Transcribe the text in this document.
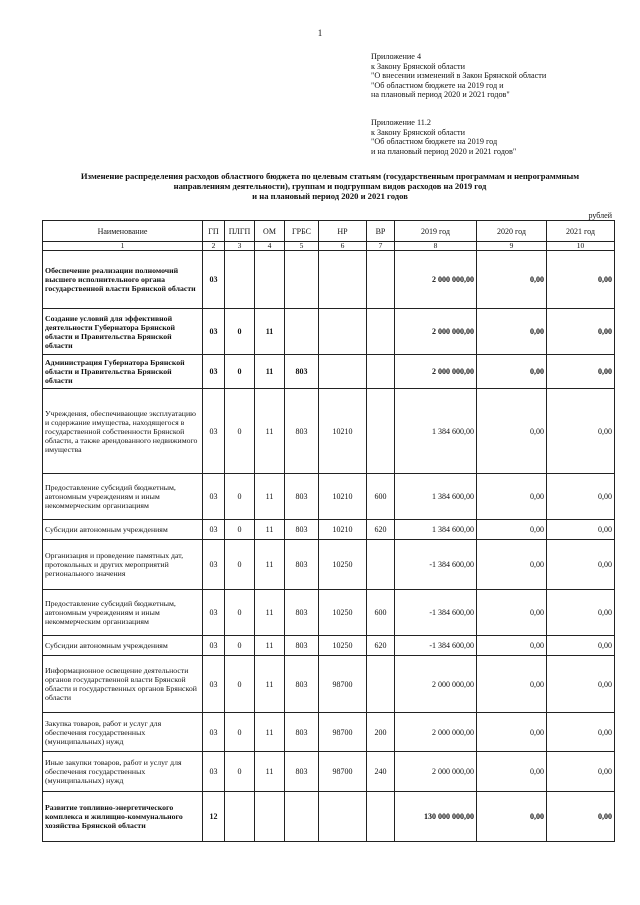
1
Приложение 4
к Закону Брянской области
"О внесении изменений в Закон Брянской области
"Об областном бюджете на 2019 год и
на плановый период 2020 и 2021 годов"
Приложение 11.2
к Закону Брянской области
"Об областном бюджете на 2019 год
и на плановый период 2020 и 2021 годов"
Изменение распределения расходов областного бюджета по целевым статьям (государственным программам и непрограммным
направлениям деятельности), группам и подгруппам видов расходов на 2019 год
и на плановый период 2020 и 2021 годов
рублей
Наименование	ГП	ПЛГП	ОМ	ГРБС	НР	ВР	2019 год	2020 год	2021 год
1	2	3	4	5	6	7	8	9	10
Обеспечение реализации полномочий высшего исполнительного органа государственной власти Брянской области	03						2 000 000,00	0,00	0,00
Создание условий для эффективной деятельности Губернатора Брянской области и Правительства Брянской области	03	0	11				2 000 000,00	0,00	0,00
Администрация Губернатора Брянской области и Правительства Брянской области	03	0	11	803			2 000 000,00	0,00	0,00
Учреждения, обеспечивающие эксплуатацию и содержание имущества, находящегося в государственной собственности Брянской области, а также арендованного недвижимого имущества	03	0	11	803	10210		1 384 600,00	0,00	0,00
Предоставление субсидий бюджетным, автономным учреждениям и иным некоммерческим организациям	03	0	11	803	10210	600	1 384 600,00	0,00	0,00
Субсидии автономным учреждениям	03	0	11	803	10210	620	1 384 600,00	0,00	0,00
Организация и проведение памятных дат, протокольных и других мероприятий регионального значения	03	0	11	803	10250		-1 384 600,00	0,00	0,00
Предоставление субсидий бюджетным, автономным учреждениям и иным некоммерческим организациям	03	0	11	803	10250	600	-1 384 600,00	0,00	0,00
Субсидии автономным учреждениям	03	0	11	803	10250	620	-1 384 600,00	0,00	0,00
Информационное освещение деятельности органов государственной власти Брянской области и государственных органов Брянской области	03	0	11	803	98700		2 000 000,00	0,00	0,00
Закупка товаров, работ и услуг для обеспечения государственных (муниципальных) нужд	03	0	11	803	98700	200	2 000 000,00	0,00	0,00
Иные закупки товаров, работ и услуг для обеспечения государственных (муниципальных) нужд	03	0	11	803	98700	240	2 000 000,00	0,00	0,00
Развитие топливно-энергетического комплекса и жилищно-коммунального хозяйства Брянской области	12						130 000 000,00	0,00	0,00
